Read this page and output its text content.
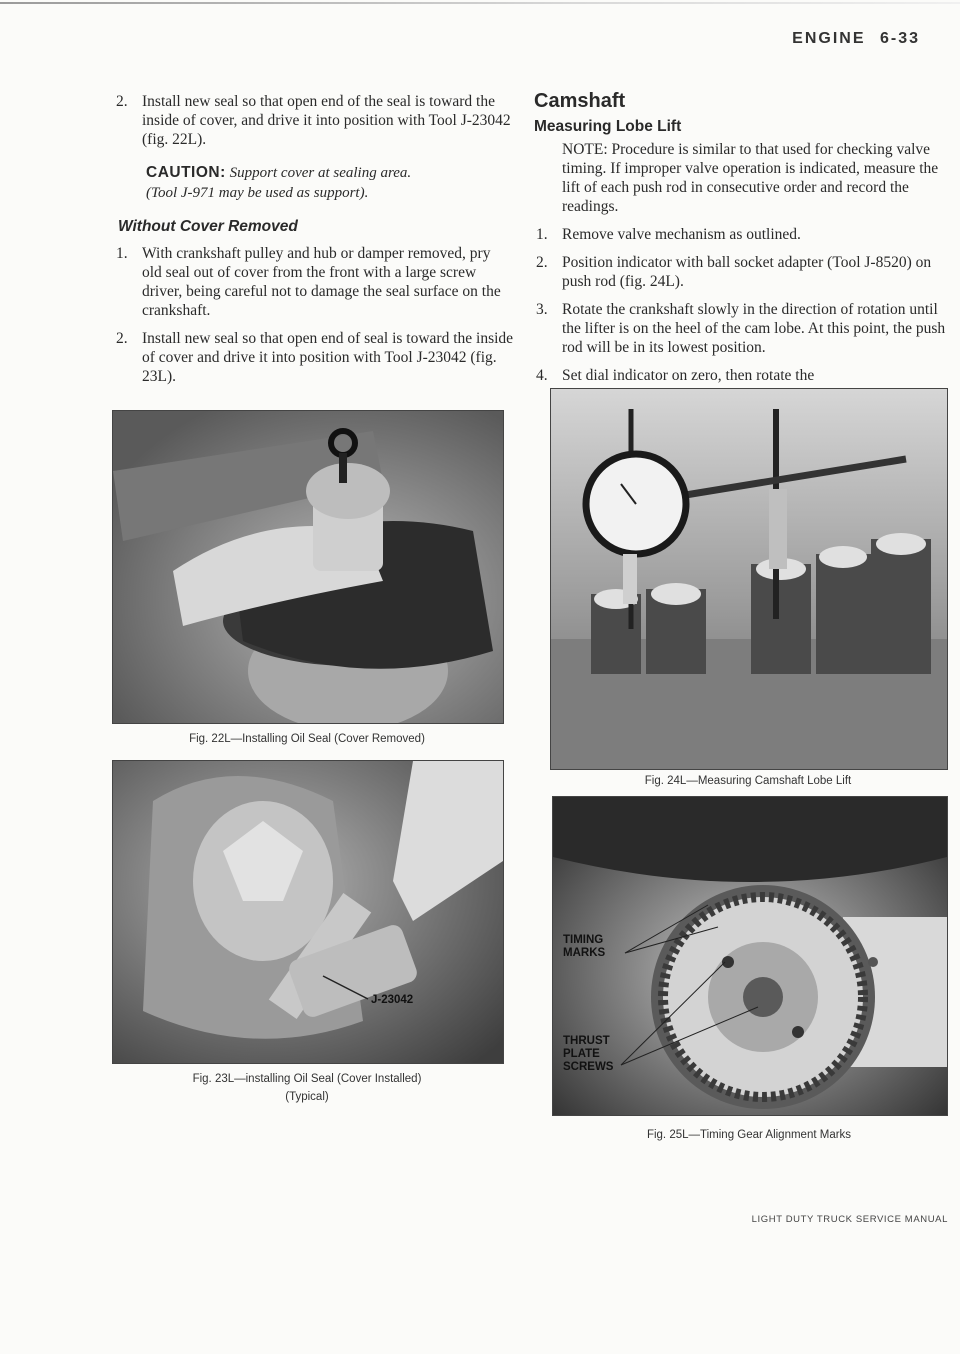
ENGINE 6-33
2. Install new seal so that open end of the seal is toward the inside of cover, and drive it into position with Tool J-23042 (fig. 22L).
CAUTION: Support cover at sealing area.
(Tool J-971 may be used as support).
Without Cover Removed
1. With crankshaft pulley and hub or damper removed, pry old seal out of cover from the front with a large screw driver, being careful not to damage the seal surface on the crankshaft.
2. Install new seal so that open end of seal is toward the inside of cover and drive it into position with Tool J-23042 (fig. 23L).
Fig. 22L—Installing Oil Seal (Cover Removed)
J-23042
Fig. 23L—installing Oil Seal (Cover Installed)
(Typical)
Camshaft
Measuring Lobe Lift
NOTE: Procedure is similar to that used for checking valve timing. If improper valve operation is indicated, measure the lift of each push rod in consecutive order and record the readings.
1. Remove valve mechanism as outlined.
2. Position indicator with ball socket adapter (Tool J-8520) on push rod (fig. 24L).
3. Rotate the crankshaft slowly in the direction of rotation until the lifter is on the heel of the cam lobe. At this point, the push rod will be in its lowest position.
4. Set dial indicator on zero, then rotate the
Fig. 24L—Measuring Camshaft Lobe Lift
TIMING
MARKS
THRUST
PLATE
SCREWS
Fig. 25L—Timing Gear Alignment Marks
LIGHT DUTY TRUCK SERVICE MANUAL
